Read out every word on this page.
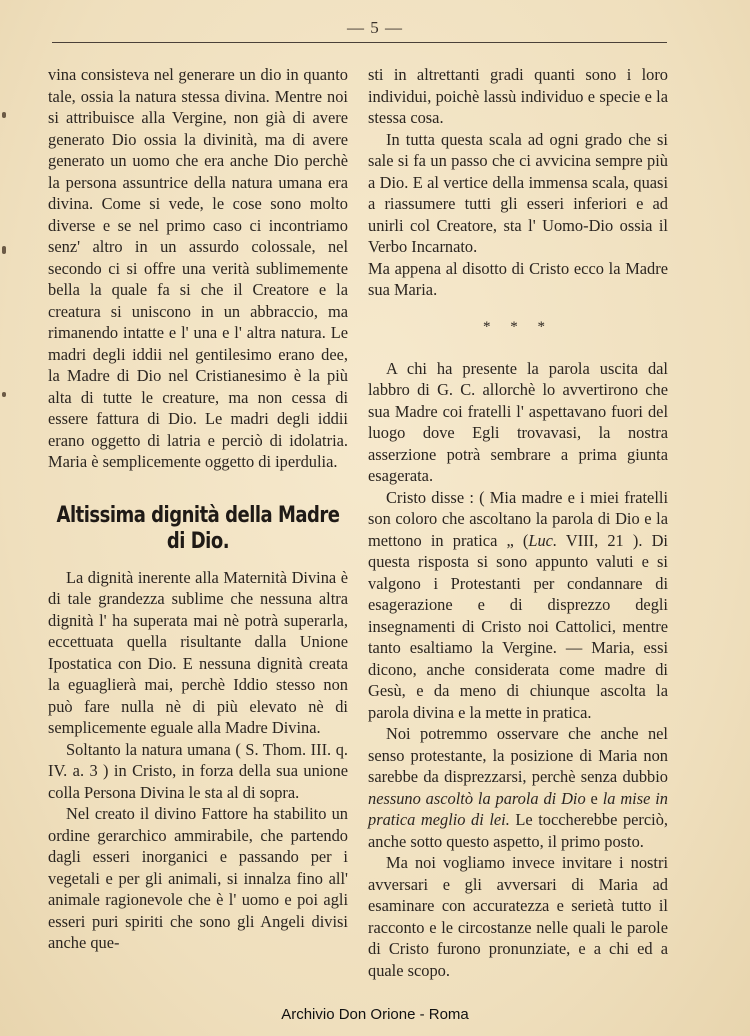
— 5 —

vina consisteva nel generare un dio in quanto tale, ossia la natura stessa divina. Mentre noi si attribuisce alla Vergine, non già di avere generato Dio ossia la divinità, ma di avere generato un uomo che era anche Dio perchè la persona assuntrice della natura umana era divina. Come si vede, le cose sono molto diverse e se nel primo caso ci incontriamo senz' altro in un assurdo colossale, nel secondo ci si offre una verità sublimemente bella la quale fa si che il Creatore e la creatura si uniscono in un abbraccio, ma rimanendo intatte e l' una e l' altra natura. Le madri degli iddii nel gentilesimo erano dee, la Madre di Dio nel Cristianesimo è la più alta di tutte le creature, ma non cessa di essere fattura di Dio. Le madri degli iddii erano oggetto di latria e perciò di idolatria. Maria è semplicemente oggetto di iperdulia.

Altissima dignità della Madre di Dio.

La dignità inerente alla Maternità Divina è di tale grandezza sublime che nessuna altra dignità l' ha superata mai nè potrà superarla, eccettuata quella risultante dalla Unione Ipostatica con Dio. E nessuna dignità creata la eguaglierà mai, perchè Iddio stesso non può fare nulla nè di più elevato nè di semplicemente eguale alla Madre Divina.

Soltanto la natura umana ( S. Thom. III. q. IV. a. 3 ) in Cristo, in forza della sua unione colla Persona Divina le sta al di sopra.

Nel creato il divino Fattore ha stabilito un ordine gerarchico ammirabile, che partendo dagli esseri inorganici e passando per i vegetali e per gli animali, si innalza fino all' animale ragionevole che è l' uomo e poi agli esseri puri spiriti che sono gli Angeli divisi anche que-

sti in altrettanti gradi quanti sono i loro individui, poichè lassù individuo e specie e la stessa cosa.

In tutta questa scala ad ogni grado che si sale si fa un passo che ci avvicina sempre più a Dio. E al vertice della immensa scala, quasi a riassumere tutti gli esseri inferiori e ad unirli col Creatore, sta l' Uomo-Dio ossia il Verbo Incarnato.

Ma appena al disotto di Cristo ecco la Madre sua Maria.

* * *

A chi ha presente la parola uscita dal labbro di G. C. allorchè lo avvertirono che sua Madre coi fratelli l' aspettavano fuori del luogo dove Egli trovavasi, la nostra asserzione potrà sembrare a prima giunta esagerata.

Cristo disse : ( Mia madre e i miei fratelli son coloro che ascoltano la parola di Dio e la mettono in pratica „ (Luc. VIII, 21 ). Di questa risposta si sono appunto valuti e si valgono i Protestanti per condannare di esagerazione e di disprezzo degli insegnamenti di Cristo noi Cattolici, mentre tanto esaltiamo la Vergine. — Maria, essi dicono, anche considerata come madre di Gesù, e da meno di chiunque ascolta la parola divina e la mette in pratica.

Noi potremmo osservare che anche nel senso protestante, la posizione di Maria non sarebbe da disprezzarsi, perchè senza dubbio nessuno ascoltò la parola di Dio e la mise in pratica meglio di lei. Le toccherebbe perciò, anche sotto questo aspetto, il primo posto.

Ma noi vogliamo invece invitare i nostri avversari e gli avversari di Maria ad esaminare con accuratezza e serietà tutto il racconto e le circostanze nelle quali le parole di Cristo furono pronunziate, e a chi ed a quale scopo.

Archivio Don Orione - Roma
